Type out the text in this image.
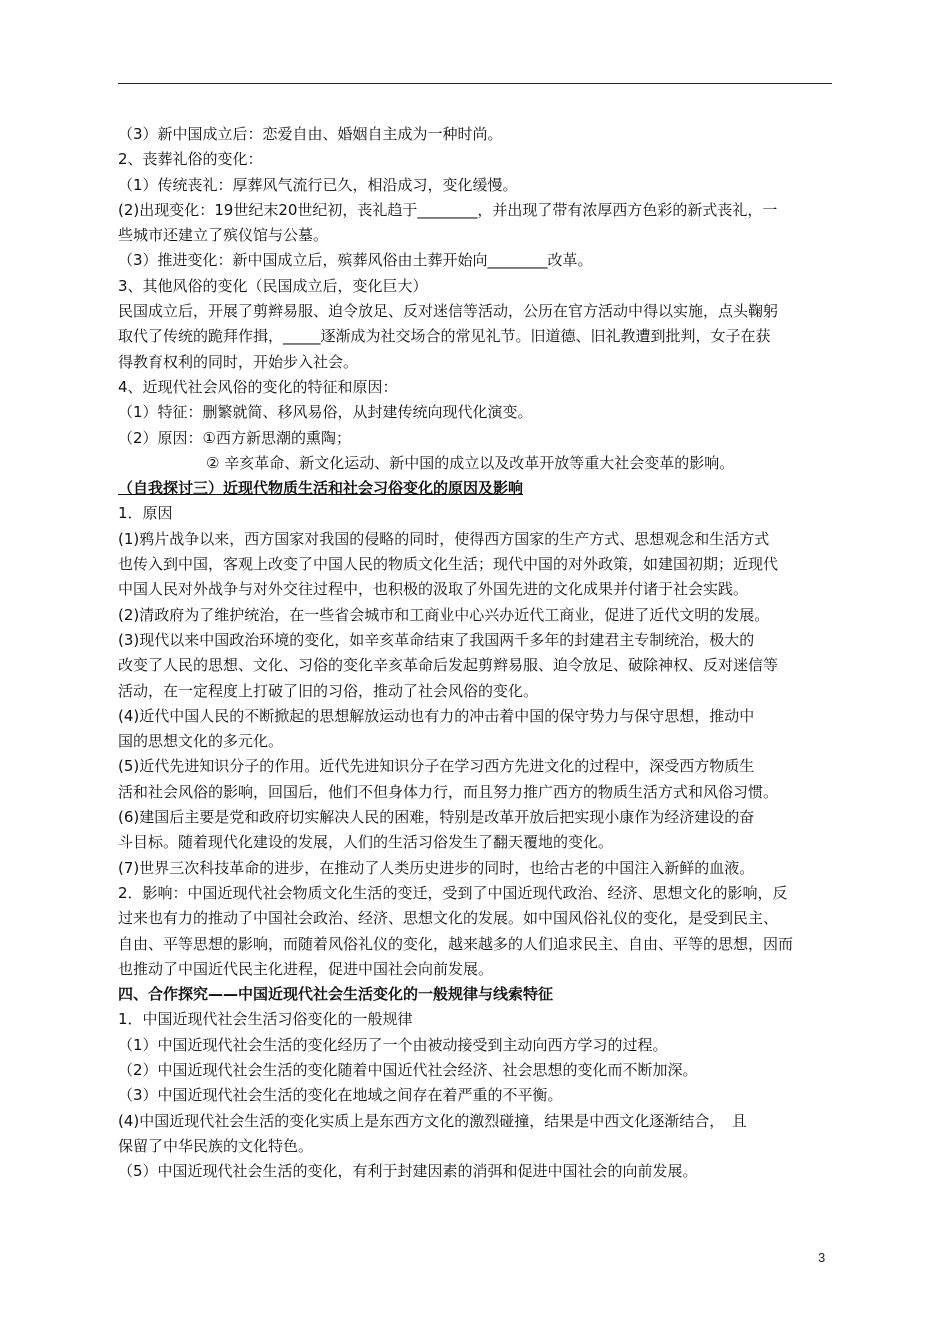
（3）新中国成立后：恋爱自由、婚姻自主成为一种时尚。

2、丧葬礼俗的变化：

（1）传统丧礼：厚葬风气流行已久，相沿成习，变化缓慢。

(2)出现变化：19世纪末20世纪初，丧礼趋于________，并出现了带有浓厚西方色彩的新式丧礼，一

些城市还建立了殡仪馆与公墓。

（3）推进变化：新中国成立后，殡葬风俗由土葬开始向________改革。

3、其他风俗的变化（民国成立后，变化巨大）

民国成立后，开展了剪辫易服、迫令放足、反对迷信等活动，公历在官方活动中得以实施，点头鞠躬

取代了传统的跪拜作揖，_____逐渐成为社交场合的常见礼节。旧道德、旧礼教遭到批判，女子在获

得教育权利的同时，开始步入社会。

4、近现代社会风俗的变化的特征和原因：

（1）特征：删繁就简、移风易俗，从封建传统向现代化演变。

（2）原因：①西方新思潮的熏陶；

② 辛亥革命、新文化运动、新中国的成立以及改革开放等重大社会变革的影响。

（自我探讨三）近现代物质生活和社会习俗变化的原因及影响

1．原因

(1)鸦片战争以来，西方国家对我国的侵略的同时，使得西方国家的生产方式、思想观念和生活方式

也传入到中国，客观上改变了中国人民的物质文化生活；现代中国的对外政策，如建国初期；近现代

中国人民对外战争与对外交往过程中，也积极的汲取了外国先进的文化成果并付诸于社会实践。

(2)清政府为了维护统治，在一些省会城市和工商业中心兴办近代工商业，促进了近代文明的发展。

(3)现代以来中国政治环境的变化，如辛亥革命结束了我国两千多年的封建君主专制统治，极大的

改变了人民的思想、文化、习俗的变化辛亥革命后发起剪辫易服、迫令放足、破除神权、反对迷信等

活动，在一定程度上打破了旧的习俗，推动了社会风俗的变化。

(4)近代中国人民的不断掀起的思想解放运动也有力的冲击着中国的保守势力与保守思想，推动中

国的思想文化的多元化。

(5)近代先进知识分子的作用。近代先进知识分子在学习西方先进文化的过程中，深受西方物质生

活和社会风俗的影响，回国后，他们不但身体力行，而且努力推广西方的物质生活方式和风俗习惯。

(6)建国后主要是党和政府切实解决人民的困难，特别是改革开放后把实现小康作为经济建设的奋

斗目标。随着现代化建设的发展，人们的生活习俗发生了翻天覆地的变化。

(7)世界三次科技革命的进步，在推动了人类历史进步的同时，也给古老的中国注入新鲜的血液。

2．影响：中国近现代社会物质文化生活的变迁，受到了中国近现代政治、经济、思想文化的影响，反

过来也有力的推动了中国社会政治、经济、思想文化的发展。如中国风俗礼仪的变化，是受到民主、

自由、平等思想的影响，而随着风俗礼仪的变化，越来越多的人们追求民主、自由、平等的思想，因而

也推动了中国近代民主化进程，促进中国社会向前发展。

四、合作探究——中国近现代社会生活变化的一般规律与线索特征

1．中国近现代社会生活习俗变化的一般规律

（1）中国近现代社会生活的变化经历了一个由被动接受到主动向西方学习的过程。

（2）中国近现代社会生活的变化随着中国近代社会经济、社会思想的变化而不断加深。

（3）中国近现代社会生活的变化在地域之间存在着严重的不平衡。

(4)中国近现代社会生活的变化实质上是东西方文化的激烈碰撞，结果是中西文化逐渐结合，　且

保留了中华民族的文化特色。

（5）中国近现代社会生活的变化，有利于封建因素的消弭和促进中国社会的向前发展。

3
